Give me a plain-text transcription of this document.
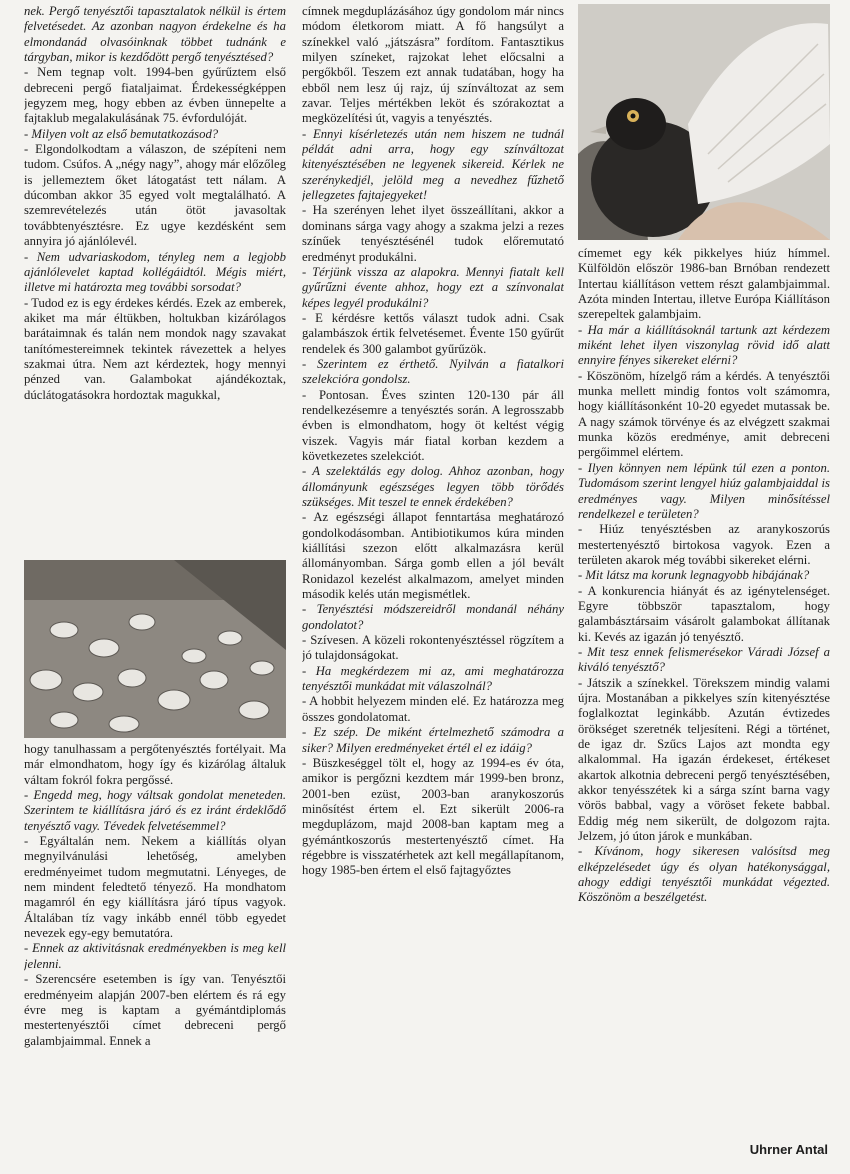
nek. Pergő tenyésztői tapasztalatok nélkül is értem felvetésedet. Az azonban nagyon érdekelne és ha elmondanád olvasóinknak többet tudnánk e tárgyban, mikor is kezdődött pergő tenyésztésed?

- Nem tegnap volt. 1994-ben gyűrűztem első debreceni pergő fiataljaimat. Érdekességképpen jegyzem meg, hogy ebben az évben ünnepelte a fajtaklub megalakulásának 75. évfordulóját.

- Milyen volt az első bemutatkozásod?

- Elgondolkodtam a válaszon, de szépíteni nem tudom. Csúfos. A „négy nagy”, ahogy már előzőleg is jellemeztem őket látogatást tett nálam. A dúcomban akkor 35 egyed volt megtalálható. A szemrevételezés után ötöt javasoltak továbbtenyésztésre. Ez ugye kezdésként sem annyira jó ajánlólevél.

- Nem udvariaskodom, tényleg nem a legjobb ajánlólevelet kaptad kollégáidtól. Mégis miért, illetve mi határozta meg további sorsodat?

- Tudod ez is egy érdekes kérdés. Ezek az emberek, akiket ma már éltükben, holtukban kizárólagos barátaimnak és talán nem mondok nagy szavakat tanítómestereimnek tekintek rávezettek a helyes szakmai útra. Nem azt kérdeztek, hogy mennyi pénzed van. Galambokat ajándékoztak, dúclátogatásokra hordoztak magukkal,

hogy tanulhassam a pergőtenyésztés fortélyait. Ma már elmondhatom, hogy így és kizárólag általuk váltam fokról fokra pergőssé.

- Engedd meg, hogy váltsak gondolat meneteden. Szerintem te kiállításra járó és ez iránt érdeklődő tenyésztő vagy. Tévedek felvetésemmel?

- Egyáltalán nem. Nekem a kiállítás olyan megnyilvánulási lehetőség, amelyben eredményeimet tudom megmutatni. Lényeges, de nem mindent feledtető tényező. Ha mondhatom magamról én egy kiállításra járó típus vagyok. Általában tíz vagy inkább ennél több egyedet nevezek egy-egy bemutatóra.

- Ennek az aktivitásnak eredményekben is meg kell jelenni.

- Szerencsére esetemben is így van. Tenyésztői eredményeim alapján 2007-ben elértem és rá egy évre meg is kaptam a gyémántdiplomás mestertenyésztői címet debreceni pergő galambjaimmal. Ennek a

címnek megduplázásához úgy gondolom már nincs módom életkorom miatt. A fő hangsúlyt a színekkel való „játszásra” fordítom. Fantasztikus milyen színeket, rajzokat lehet előcsalni a pergőkből. Teszem ezt annak tudatában, hogy ha ebből nem lesz új rajz, új színváltozat az sem zavar. Teljes mértékben leköt és szórakoztat a megközelítési út, vagyis a tenyésztés.

- Ennyi kísérletezés után nem hiszem ne tudnál példát adni arra, hogy egy színváltozat kitenyésztésében ne legyenek sikereid. Kérlek ne szerénykedjél, jelöld meg a nevedhez fűzhető jellegzetes fajtajegyeket!

- Ha szerényen lehet ilyet összeállítani, akkor a dominans sárga vagy ahogy a szakma jelzi a rezes színűek tenyésztésénél tudok előremutató eredményt produkálni.

- Térjünk vissza az alapokra. Mennyi fiatalt kell gyűrűzni évente ahhoz, hogy ezt a színvonalat képes legyél produkálni?

- E kérdésre kettős választ tudok adni. Csak galambászok értik felvetésemet. Évente 150 gyűrűt rendelek és 300 galambot gyűrűzök.

- Szerintem ez érthető. Nyilván a fiatalkori szelekcióra gondolsz.

- Pontosan. Éves szinten 120-130 pár áll rendelkezésemre a tenyésztés során. A legrosszabb évben is elmondhatom, hogy öt keltést végig viszek. Vagyis már fiatal korban kezdem a következetes szelekciót.

- A szelektálás egy dolog. Ahhoz azonban, hogy állományunk egészséges legyen több törődés szükséges. Mit teszel te ennek érdekében?

- Az egészségi állapot fenntartása meghatározó gondolkodásomban. Antibiotikumos kúra minden kiállítási szezon előtt alkalmazásra kerül állományomban. Sárga gomb ellen a jól bevált Ronidazol kezelést alkalmazom, amelyet minden második kelés után megismétlek.

- Tenyésztési módszereidről mondanál néhány gondolatot?

- Szívesen. A közeli rokontenyésztéssel rögzítem a jó tulajdonságokat.

- Ha megkérdezem mi az, ami meghatározza tenyésztői munkádat mit válaszolnál?

- A hobbit helyezem minden elé. Ez határozza meg összes gondolatomat.

- Ez szép. De miként értelmezhető számodra a siker? Milyen eredményeket értél el ez idáig?

- Büszkeséggel tölt el, hogy az 1994-es év óta, amikor is pergőzni kezdtem már 1999-ben bronz, 2001-ben ezüst, 2003-ban aranykoszorús minősítést értem el. Ezt sikerült 2006-ra megduplázom, majd 2008-ban kaptam meg a gyémántkoszorús mestertenyésztő címet. Ha régebbre is visszatérhetek azt kell megállapítanom, hogy 1985-ben értem el első fajtagyőztes

címemet egy kék pikkelyes hiúz hímmel. Külföldön először 1986-ban Brnóban rendezett Intertau kiállításon vettem részt galambjaimmal. Azóta minden Intertau, illetve Európa Kiállításon szerepeltek galambjaim.

- Ha már a kiállításoknál tartunk azt kérdezem miként lehet ilyen viszonylag rövid idő alatt ennyire fényes sikereket elérni?

- Köszönöm, hízelgő rám a kérdés. A tenyésztői munka mellett mindig fontos volt számomra, hogy kiállításonként 10-20 egyedet mutassak be. A nagy számok törvénye és az elvégzett szakmai munka közös eredménye, amit debreceni pergőimmel elértem.

- Ilyen könnyen nem lépünk túl ezen a ponton. Tudomásom szerint lengyel hiúz galambjaiddal is eredményes vagy. Milyen minősítéssel rendelkezel e területen?

- Hiúz tenyésztésben az aranykoszorús mestertenyésztő birtokosa vagyok. Ezen a területen akarok még további sikereket elérni.

- Mit látsz ma korunk legnagyobb hibájának?

- A konkurencia hiányát és az igénytelenséget. Egyre többször tapasztalom, hogy galambásztársaim vásárolt galambokat állítanak ki. Kevés az igazán jó tenyésztő.

- Mit tesz ennek felismerésekor Váradi József a kiváló tenyésztő?

- Játszik a színekkel. Törekszem mindig valami újra. Mostanában a pikkelyes szín kitenyésztése foglalkoztat leginkább. Azután évtizedes örökséget szeretnék teljesíteni. Régi a történet, de igaz dr. Szűcs Lajos azt mondta egy alkalommal. Ha igazán érdekeset, értékeset akartok alkotnia debreceni pergő tenyésztésében, akkor tenyésszétek ki a sárga színt barna vagy vörös babbal, vagy a vöröset fekete babbal. Eddig még nem sikerült, de dolgozom rajta. Jelzem, jó úton járok e munkában.

- Kívánom, hogy sikeresen valósítsd meg elképzelésedet úgy és olyan hatékonysággal, ahogy eddigi tenyésztői munkádat végezted. Köszönöm a beszélgetést.

Uhrner Antal
